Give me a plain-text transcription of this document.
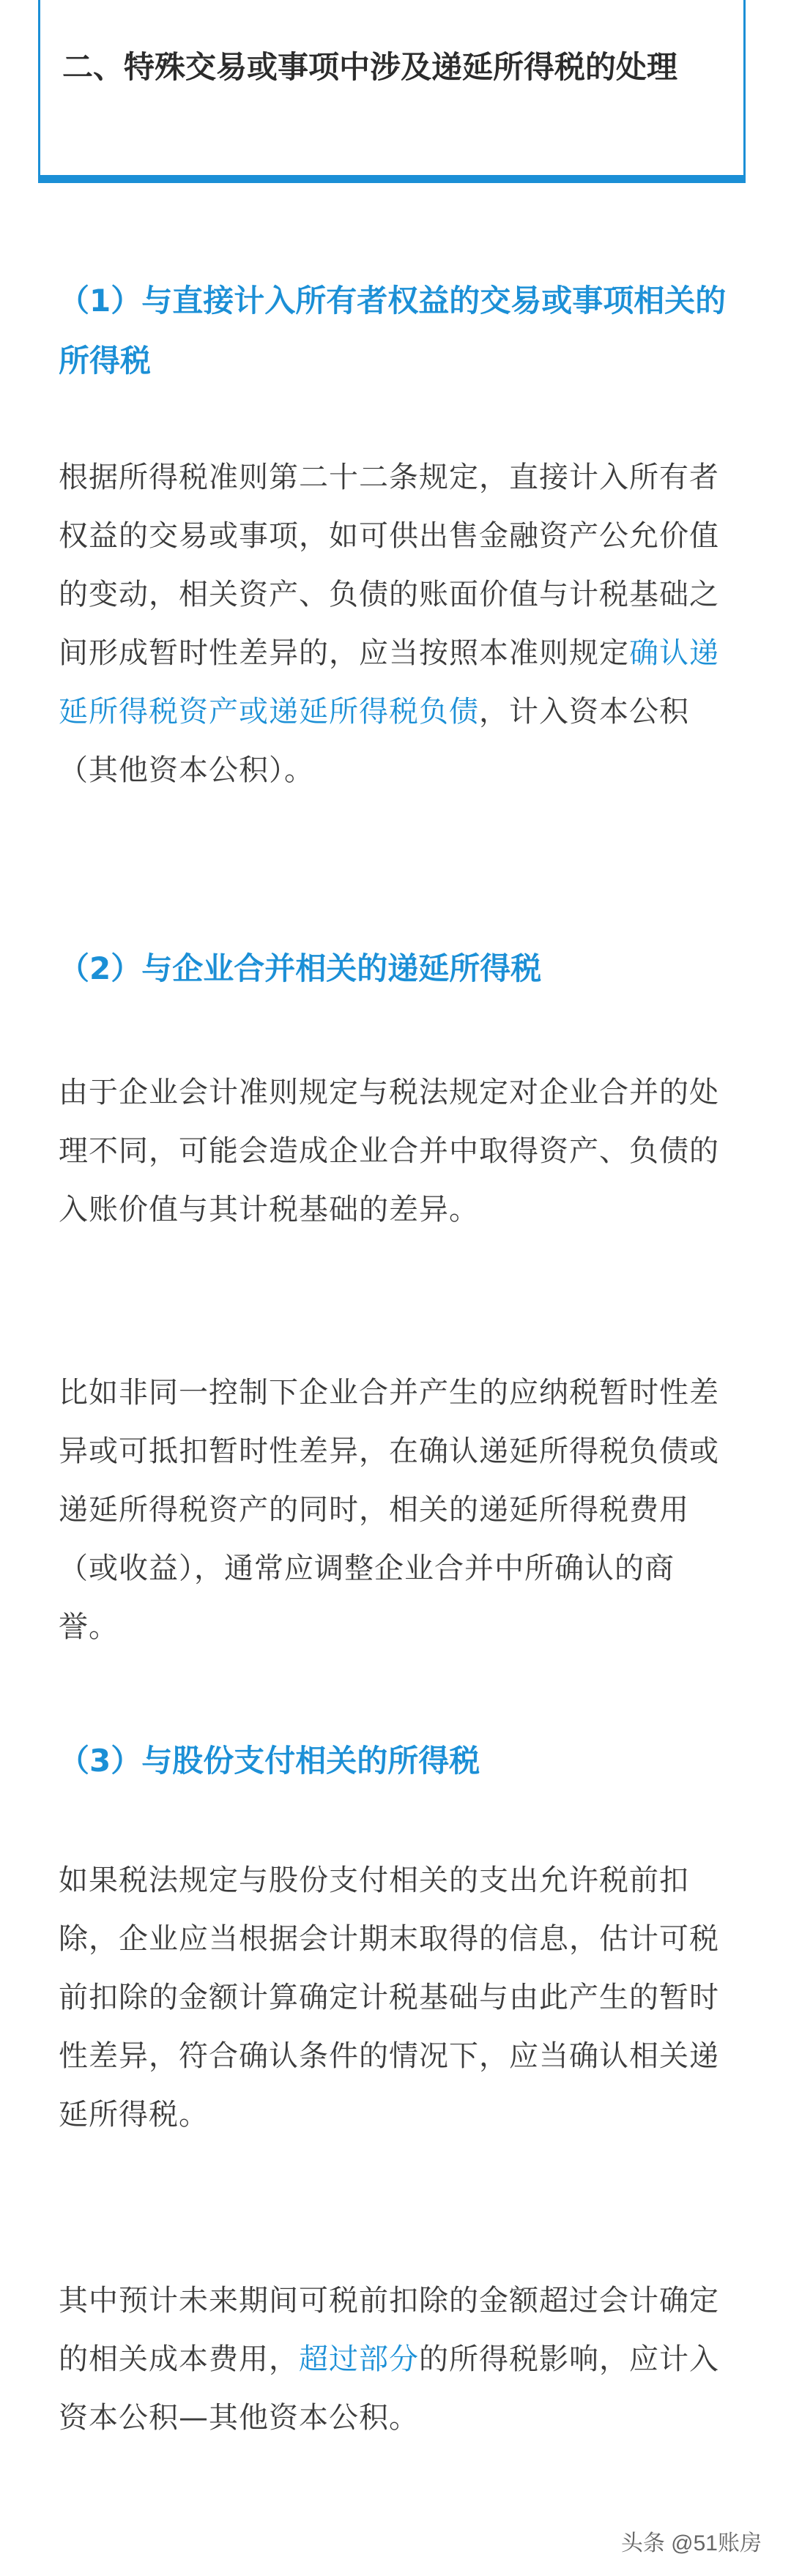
二、特殊交易或事项中涉及递延所得税的处理
（1）与直接计入所有者权益的交易或事项相关的所得税

根据所得税准则第二十二条规定，直接计入所有者权益的交易或事项，如可供出售金融资产公允价值的变动，相关资产、负债的账面价值与计税基础之间形成暂时性差异的，应当按照本准则规定确认递延所得税资产或递延所得税负债，计入资本公积（其他资本公积）。

（2）与企业合并相关的递延所得税

由于企业会计准则规定与税法规定对企业合并的处理不同，可能会造成企业合并中取得资产、负债的入账价值与其计税基础的差异。

比如非同一控制下企业合并产生的应纳税暂时性差异或可抵扣暂时性差异，在确认递延所得税负债或递延所得税资产的同时，相关的递延所得税费用（或收益），通常应调整企业合并中所确认的商誉。

（3）与股份支付相关的所得税

如果税法规定与股份支付相关的支出允许税前扣除，企业应当根据会计期末取得的信息，估计可税前扣除的金额计算确定计税基础与由此产生的暂时性差异，符合确认条件的情况下，应当确认相关递延所得税。

其中预计未来期间可税前扣除的金额超过会计确定的相关成本费用，超过部分的所得税影响，应计入资本公积—其他资本公积。

头条 @51账房
